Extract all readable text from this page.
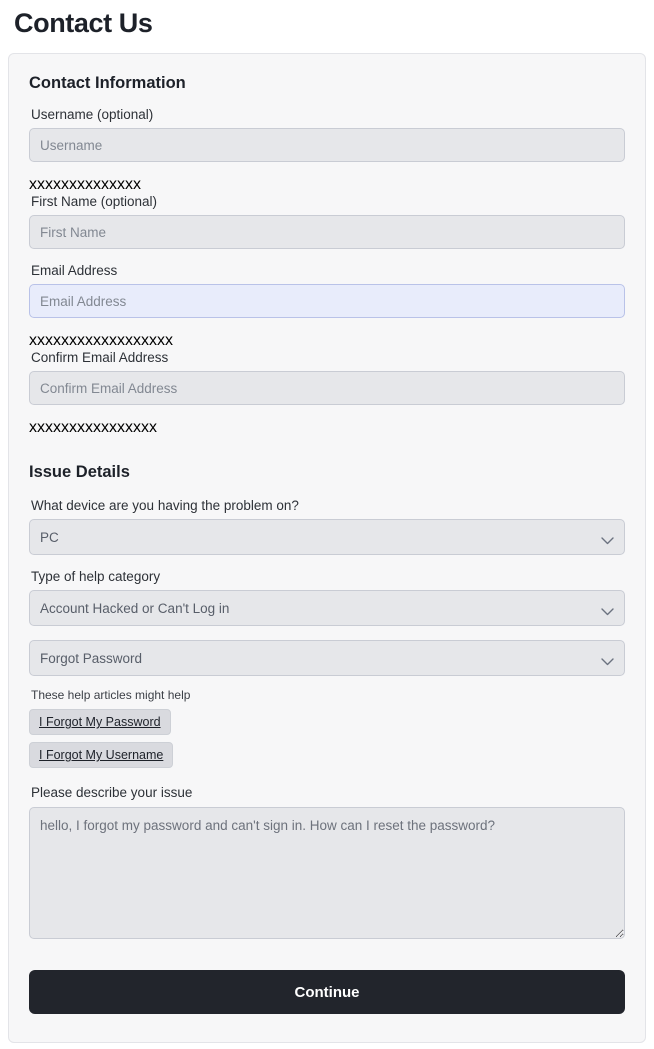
Contact Us
Contact Information
Username (optional)
Username xxxxxxxxxxxxxx
First Name (optional)
First Name
Email Address
Email Address xxxxxxxxxxxxxxxxxx
Confirm Email Address
Confirm Email Address xxxxxxxxxxxxxxxx
Issue Details
What device are you having the problem on?
PC
Type of help category
Account Hacked or Can't Log in
Forgot Password
These help articles might help
I Forgot My Password
I Forgot My Username
Please describe your issue
hello, I forgot my password and can't sign in. How can I reset the password?
Continue
